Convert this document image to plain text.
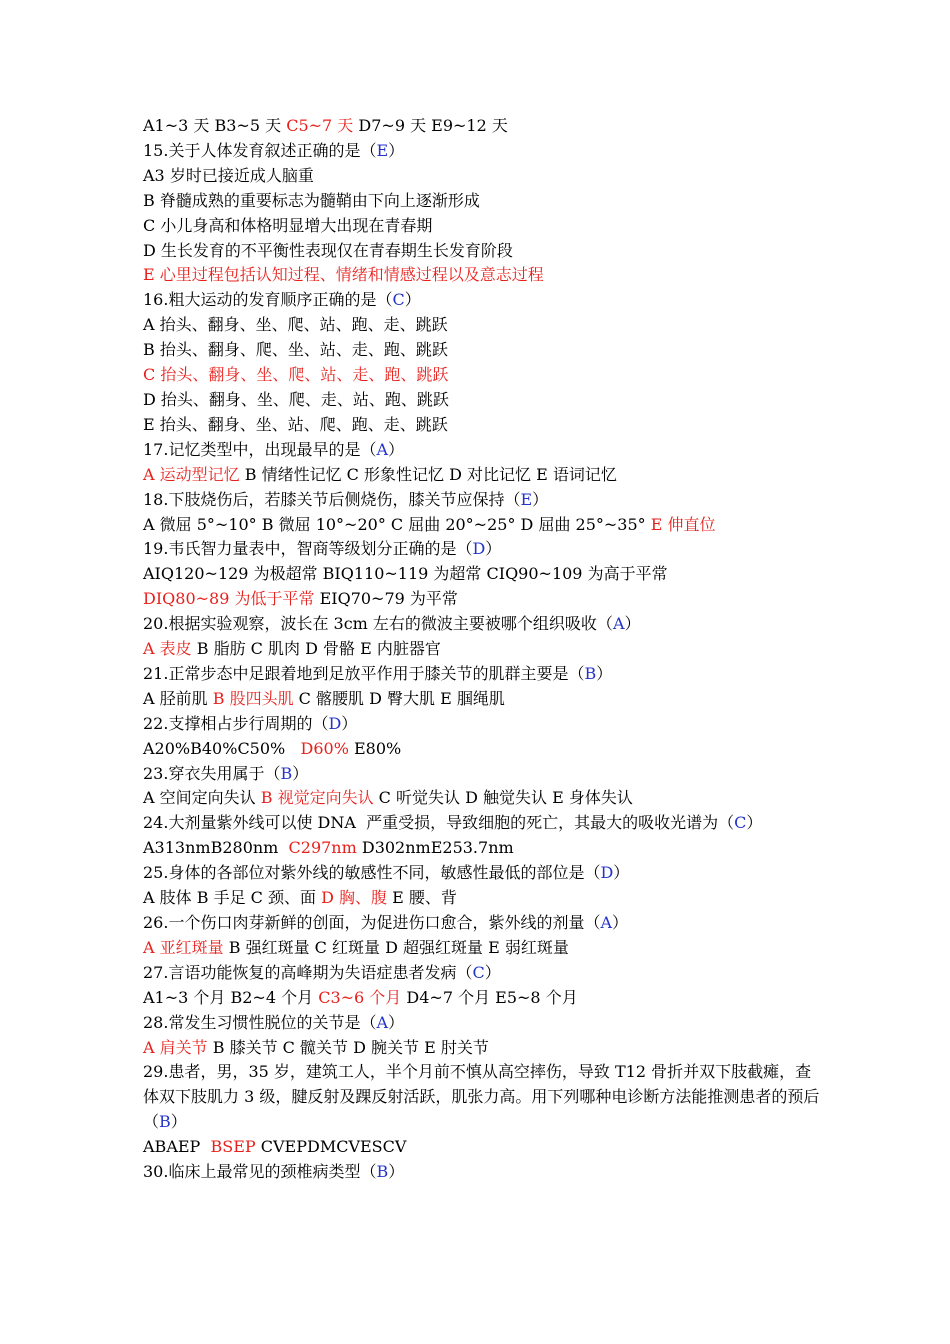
A1~3 天 B3~5 天 C5~7 天 D7~9 天 E9~12 天

15.关于人体发育叙述正确的是（E）

A3 岁时已接近成人脑重

B 脊髓成熟的重要标志为髓鞘由下向上逐渐形成

C 小儿身高和体格明显增大出现在青春期

D 生长发育的不平衡性表现仅在青春期生长发育阶段

E 心里过程包括认知过程、情绪和情感过程以及意志过程

16.粗大运动的发育顺序正确的是（C）

A 抬头、翻身、坐、爬、站、跑、走、跳跃

B 抬头、翻身、爬、坐、站、走、跑、跳跃

C 抬头、翻身、坐、爬、站、走、跑、跳跃

D 抬头、翻身、坐、爬、走、站、跑、跳跃

E 抬头、翻身、坐、站、爬、跑、走、跳跃

17.记忆类型中，出现最早的是（A）

A 运动型记忆 B 情绪性记忆 C 形象性记忆 D 对比记忆 E 语词记忆

18.下肢烧伤后，若膝关节后侧烧伤，膝关节应保持（E）

A 微屈 5°~10° B 微屈 10°~20° C 屈曲 20°~25° D 屈曲 25°~35° E 伸直位

19.韦氏智力量表中，智商等级划分正确的是（D）

AIQ120~129 为极超常 BIQ110~119 为超常 CIQ90~109 为高于平常

DIQ80~89 为低于平常 EIQ70~79 为平常

20.根据实验观察，波长在 3cm 左右的微波主要被哪个组织吸收（A）

A 表皮 B 脂肪 C 肌肉 D 骨骼 E 内脏器官

21.正常步态中足跟着地到足放平作用于膝关节的肌群主要是（B）

A 胫前肌 B 股四头肌 C 髂腰肌 D 臀大肌 E 腘绳肌

22.支撑相占步行周期的（D）

A20%B40%C50%   D60% E80%

23.穿衣失用属于（B）

A 空间定向失认 B 视觉定向失认 C 听觉失认 D 触觉失认 E 身体失认

24.大剂量紫外线可以使 DNA  严重受损，导致细胞的死亡，其最大的吸收光谱为（C）

A313nmB280nm  C297nm D302nmE253.7nm

25.身体的各部位对紫外线的敏感性不同，敏感性最低的部位是（D）

A 肢体 B 手足 C 颈、面 D 胸、腹 E 腰、背

26.一个伤口肉芽新鲜的创面，为促进伤口愈合，紫外线的剂量（A）

A 亚红斑量 B 强红斑量 C 红斑量 D 超强红斑量 E 弱红斑量

27.言语功能恢复的高峰期为失语症患者发病（C）

A1~3 个月 B2~4 个月 C3~6 个月 D4~7 个月 E5~8 个月

28.常发生习惯性脱位的关节是（A）

A 肩关节 B 膝关节 C 髋关节 D 腕关节 E 肘关节

29.患者，男，35 岁，建筑工人，半个月前不慎从高空摔伤，导致 T12 骨折并双下肢截瘫，查体双下肢肌力 3 级，腱反射及踝反射活跃，肌张力高。用下列哪种电诊断方法能推测患者的预后（B）

ABAEP  BSEP CVEPDMCVESCV

30.临床上最常见的颈椎病类型（B）
